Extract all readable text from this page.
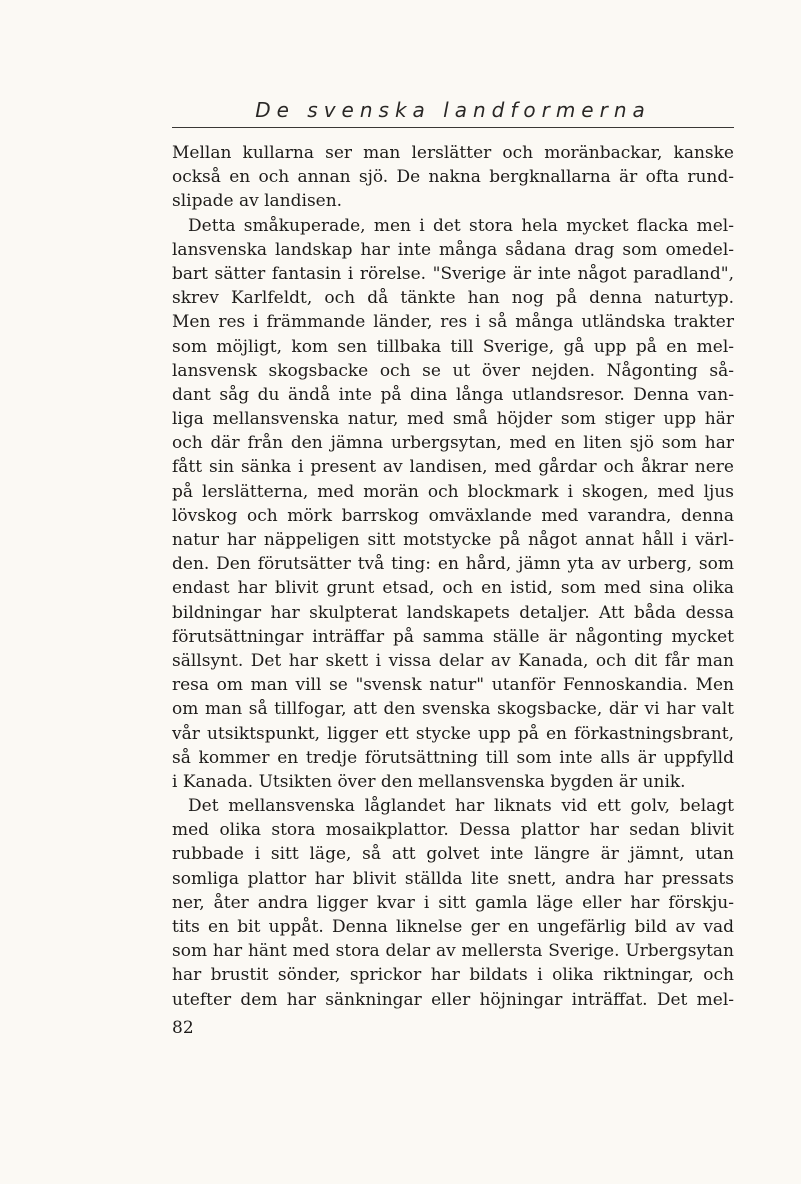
De svenska landformerna
Mellan kullarna ser man lerslätter och moränbackar, kanske
också en och annan sjö. De nakna bergknallarna är ofta rund-
slipade av landisen.
Detta småkuperade, men i det stora hela mycket flacka mel-
lansvenska landskap har inte många sådana drag som omedel-
bart sätter fantasin i rörelse. "Sverige är inte något paradland",
skrev Karlfeldt, och då tänkte han nog på denna naturtyp.
Men res i främmande länder, res i så många utländska trakter
som möjligt, kom sen tillbaka till Sverige, gå upp på en mel-
lansvensk skogsbacke och se ut över nejden. Någonting så-
dant såg du ändå inte på dina långa utlandsresor. Denna van-
liga mellansvenska natur, med små höjder som stiger upp här
och där från den jämna urbergsytan, med en liten sjö som har
fått sin sänka i present av landisen, med gårdar och åkrar nere
på lerslätterna, med morän och blockmark i skogen, med ljus
lövskog och mörk barrskog omväxlande med varandra, denna
natur har näppeligen sitt motstycke på något annat håll i värl-
den. Den förutsätter två ting: en hård, jämn yta av urberg, som
endast har blivit grunt etsad, och en istid, som med sina olika
bildningar har skulpterat landskapets detaljer. Att båda dessa
förutsättningar inträffar på samma ställe är någonting mycket
sällsynt. Det har skett i vissa delar av Kanada, och dit får man
resa om man vill se "svensk natur" utanför Fennoskandia. Men
om man så tillfogar, att den svenska skogsbacke, där vi har valt
vår utsiktspunkt, ligger ett stycke upp på en förkastningsbrant,
så kommer en tredje förutsättning till som inte alls är uppfylld
i Kanada. Utsikten över den mellansvenska bygden är unik.
Det mellansvenska låglandet har liknats vid ett golv, belagt
med olika stora mosaikplattor. Dessa plattor har sedan blivit
rubbade i sitt läge, så att golvet inte längre är jämnt, utan
somliga plattor har blivit ställda lite snett, andra har pressats
ner, åter andra ligger kvar i sitt gamla läge eller har förskju-
tits en bit uppåt. Denna liknelse ger en ungefärlig bild av vad
som har hänt med stora delar av mellersta Sverige. Urbergsytan
har brustit sönder, sprickor har bildats i olika riktningar, och
utefter dem har sänkningar eller höjningar inträffat. Det mel-
82
